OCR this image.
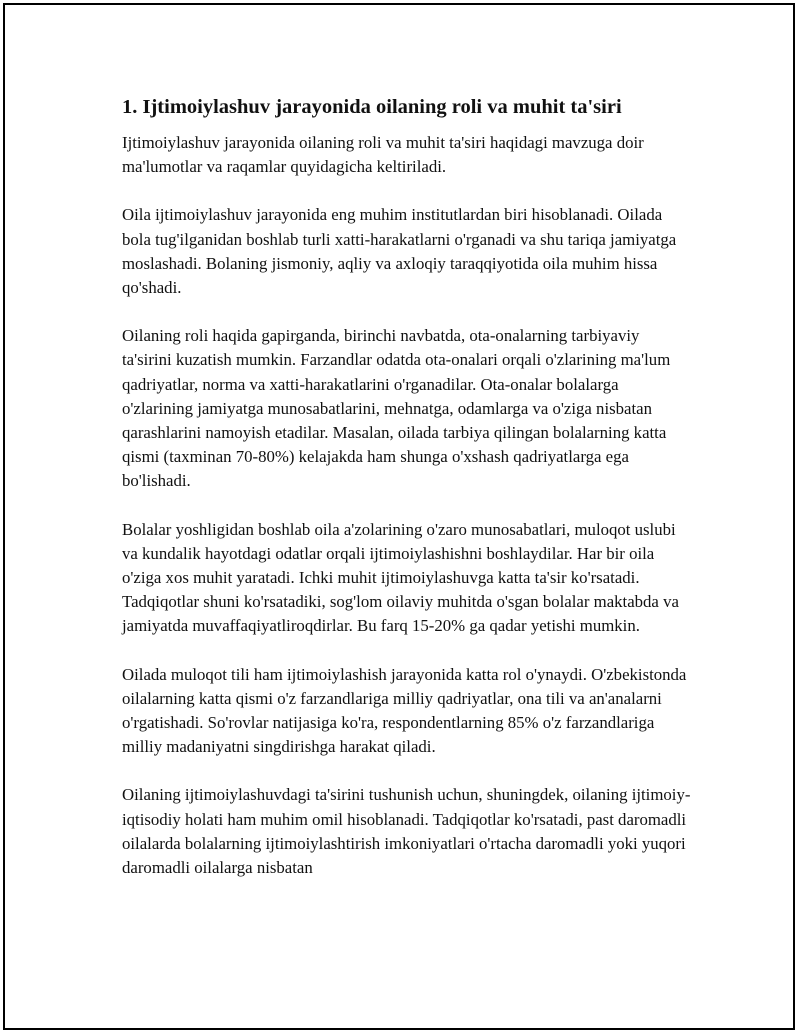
1. Ijtimoiylashuv jarayonida oilaning roli va muhit ta'siri

Ijtimoiylashuv jarayonida oilaning roli va muhit ta'siri haqidagi mavzuga doir ma'lumotlar va raqamlar quyidagicha keltiriladi.

Oila ijtimoiylashuv jarayonida eng muhim institutlardan biri hisoblanadi. Oilada bola tug'ilganidan boshlab turli xatti-harakatlarni o'rganadi va shu tariqa jamiyatga moslashadi. Bolaning jismoniy, aqliy va axloqiy taraqqiyotida oila muhim hissa qo'shadi.

Oilaning roli haqida gapirganda, birinchi navbatda, ota-onalarning tarbiyaviy ta'sirini kuzatish mumkin. Farzandlar odatda ota-onalari orqali o'zlarining ma'lum qadriyatlar, norma va xatti-harakatlarini o'rganadilar. Ota-onalar bolalarga o'zlarining jamiyatga munosabatlarini, mehnatga, odamlarga va o'ziga nisbatan qarashlarini namoyish etadilar. Masalan, oilada tarbiya qilingan bolalarning katta qismi (taxminan 70-80%) kelajakda ham shunga o'xshash qadriyatlarga ega bo'lishadi.

Bolalar yoshligidan boshlab oila a'zolarining o'zaro munosabatlari, muloqot uslubi va kundalik hayotdagi odatlar orqali ijtimoiylashishni boshlaydilar. Har bir oila o'ziga xos muhit yaratadi. Ichki muhit ijtimoiylashuvga katta ta'sir ko'rsatadi. Tadqiqotlar shuni ko'rsatadiki, sog'lom oilaviy muhitda o'sgan bolalar maktabda va jamiyatda muvaffaqiyatliroqdirlar. Bu farq 15-20% ga qadar yetishi mumkin.

Oilada muloqot tili ham ijtimoiylashish jarayonida katta rol o'ynaydi. O'zbekistonda oilalarning katta qismi o'z farzandlariga milliy qadriyatlar, ona tili va an'analarni o'rgatishadi. So'rovlar natijasiga ko'ra, respondentlarning 85% o'z farzandlariga milliy madaniyatni singdirishga harakat qiladi.

Oilaning ijtimoiylashuvdagi ta'sirini tushunish uchun, shuningdek, oilaning ijtimoiy-iqtisodiy holati ham muhim omil hisoblanadi. Tadqiqotlar ko'rsatadi, past daromadli oilalarda bolalarning ijtimoiylashtirish imkoniyatlari o'rtacha daromadli yoki yuqori daromadli oilalarga nisbatan
